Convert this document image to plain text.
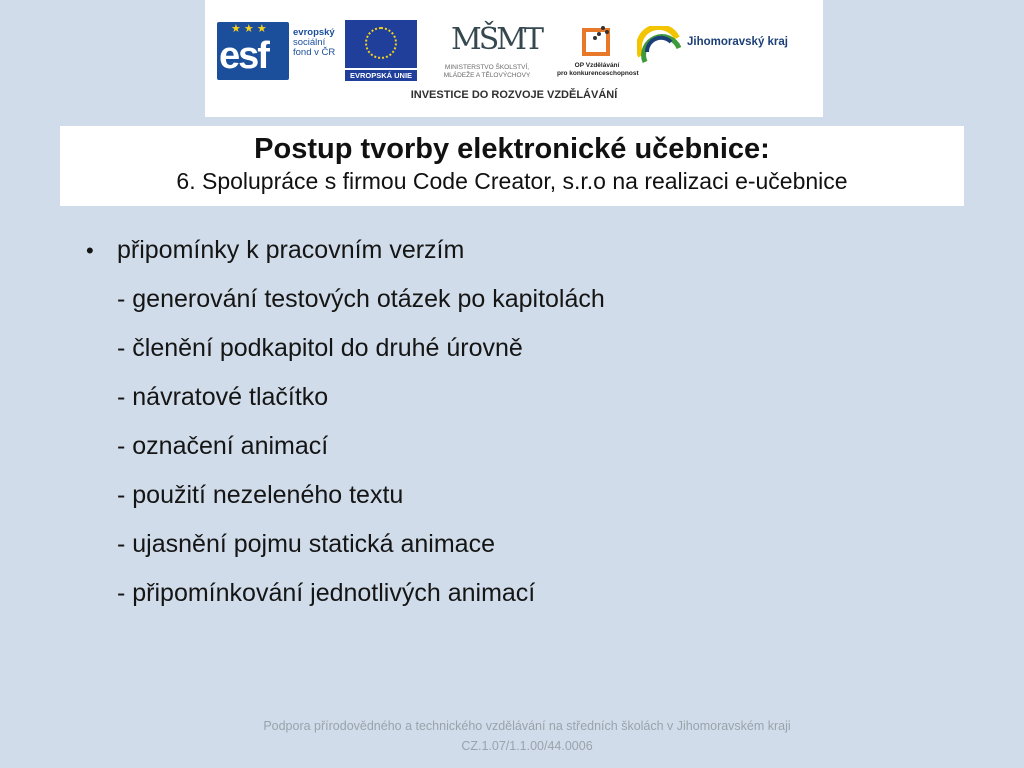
★ ★ ★
esf
evropský
sociální
fond v ČR
EVROPSKÁ UNIE
MŠMT
MINISTERSTVO ŠKOLSTVÍ,
MLÁDEŽE A TĚLOVÝCHOVY
OP Vzdělávání
pro konkurenceschopnost
Jihomoravský kraj
INVESTICE DO ROZVOJE VZDĚLÁVÁNÍ
Postup tvorby elektronické učebnice:

6. Spolupráce s firmou Code Creator, s.r.o na realizaci e-učebnice

• připomínky k pracovním verzím
- generování testových otázek po kapitolách
- členění podkapitol do druhé úrovně
- návratové tlačítko
- označení animací
- použití nezeleného textu
- ujasnění pojmu statická animace
- připomínkování jednotlivých animací
Podpora přírodovědného a technického vzdělávání na středních školách v Jihomoravském kraji
CZ.1.07/1.1.00/44.0006
